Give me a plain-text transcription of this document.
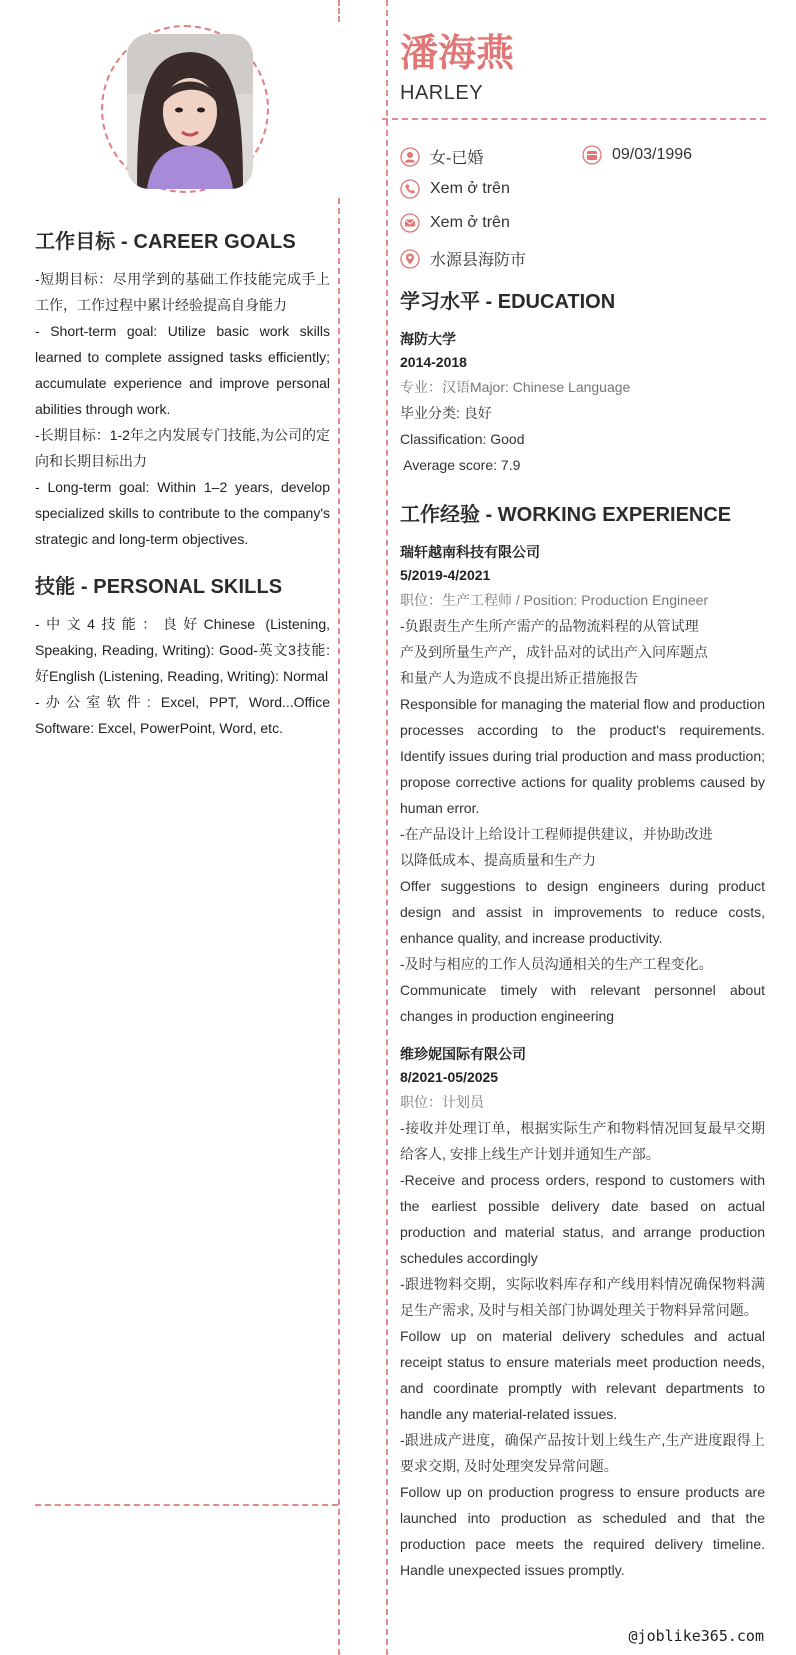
工作目标 - CAREER GOALS

-短期目标：尽用学到的基础工作技能完成手上工作，工作过程中累计经验提高自身能力

- Short-term goal: Utilize basic work skills learned to complete assigned tasks efficiently; accumulate experience and improve personal abilities through work.

-长期目标：1-2年之内发展专门技能,为公司的定向和长期目标出力

- Long-term goal: Within 1–2 years, develop specialized skills to contribute to the company's strategic and long-term objectives.

技能 - PERSONAL SKILLS

-中文4技能：良好Chinese (Listening, Speaking, Reading, Writing): Good-英文3技能: 好English (Listening, Reading, Writing): Normal

-办公室软件: Excel, PPT, Word...Office Software: Excel, PowerPoint, Word, etc.

潘海燕
HARLEY
女-已婚	09/03/1996
Xem ở trên
Xem ở trên
水源县海防市
学习水平 - EDUCATION
海防大学
2014-2018
专业：汉语Major: Chinese Language
毕业分类: 良好
Classification: Good
Average score: 7.9
工作经验 - WORKING EXPERIENCE
瑞轩越南科技有限公司
5/2019-4/2021
职位：生产工程师 / Position: Production Engineer
-负跟责生产生所产需产的品物流料程的从管试理
产及到所量生产产，成针品对的试出产入问库题点
和量产人为造成不良提出矫正措施报告
Responsible for managing the material flow and production processes according to the product's requirements. Identify issues during trial production and mass production; propose corrective actions for quality problems caused by human error.
-在产品设计上给设计工程师提供建议，并协助改进
以降低成本、提高质量和生产力
Offer suggestions to design engineers during product design and assist in improvements to reduce costs, enhance quality, and increase productivity.
-及时与相应的工作人员沟通相关的生产工程变化。
Communicate timely with relevant personnel about changes in production engineering
维珍妮国际有限公司
8/2021-05/2025
职位：计划员
-接收并处理订单，根据实际生产和物料情况回复最早交期给客人, 安排上线生产计划并通知生产部。
-Receive and process orders, respond to customers with the earliest possible delivery date based on actual production and material status, and arrange production schedules accordingly
-跟进物料交期，实际收料库存和产线用料情况确保物料满足生产需求, 及时与相关部门协调处理关于物料异常问题。
Follow up on material delivery schedules and actual receipt status to ensure materials meet production needs, and coordinate promptly with relevant departments to handle any material-related issues.
-跟进成产进度，确保产品按计划上线生产,生产进度跟得上要求交期, 及时处理突发异常问题。
Follow up on production progress to ensure products are launched into production as scheduled and that the production pace meets the required delivery timeline. Handle unexpected issues promptly.
@joblike365.com
